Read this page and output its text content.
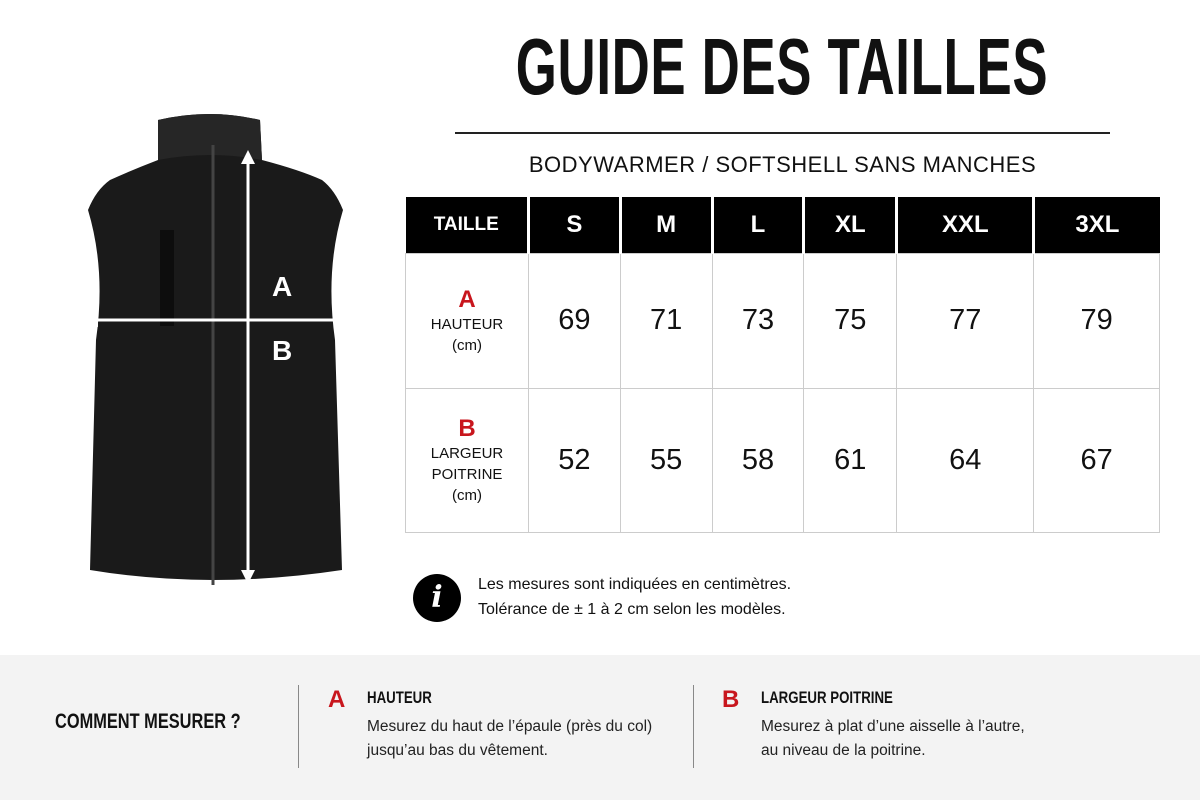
A
B
GUIDE DES TAILLES
BODYWARMER / SOFTSHELL SANS MANCHES
TAILLE	S	M	L	XL	XXL	3XL

A
HAUTEUR
(cm)	69	71	73	75	77	79

B
LARGEUR
POITRINE
(cm)	52	55	58	61	64	67
i	Les mesures sont indiquées en centimètres.
Tolérance de ± 1 à 2 cm selon les modèles.
COMMENT MESURER ?
A HAUTEUR
Mesurez du haut de l’épaule (près du col)
jusqu’au bas du vêtement.
B LARGEUR POITRINE
Mesurez à plat d’une aisselle à l’autre,
au niveau de la poitrine.
